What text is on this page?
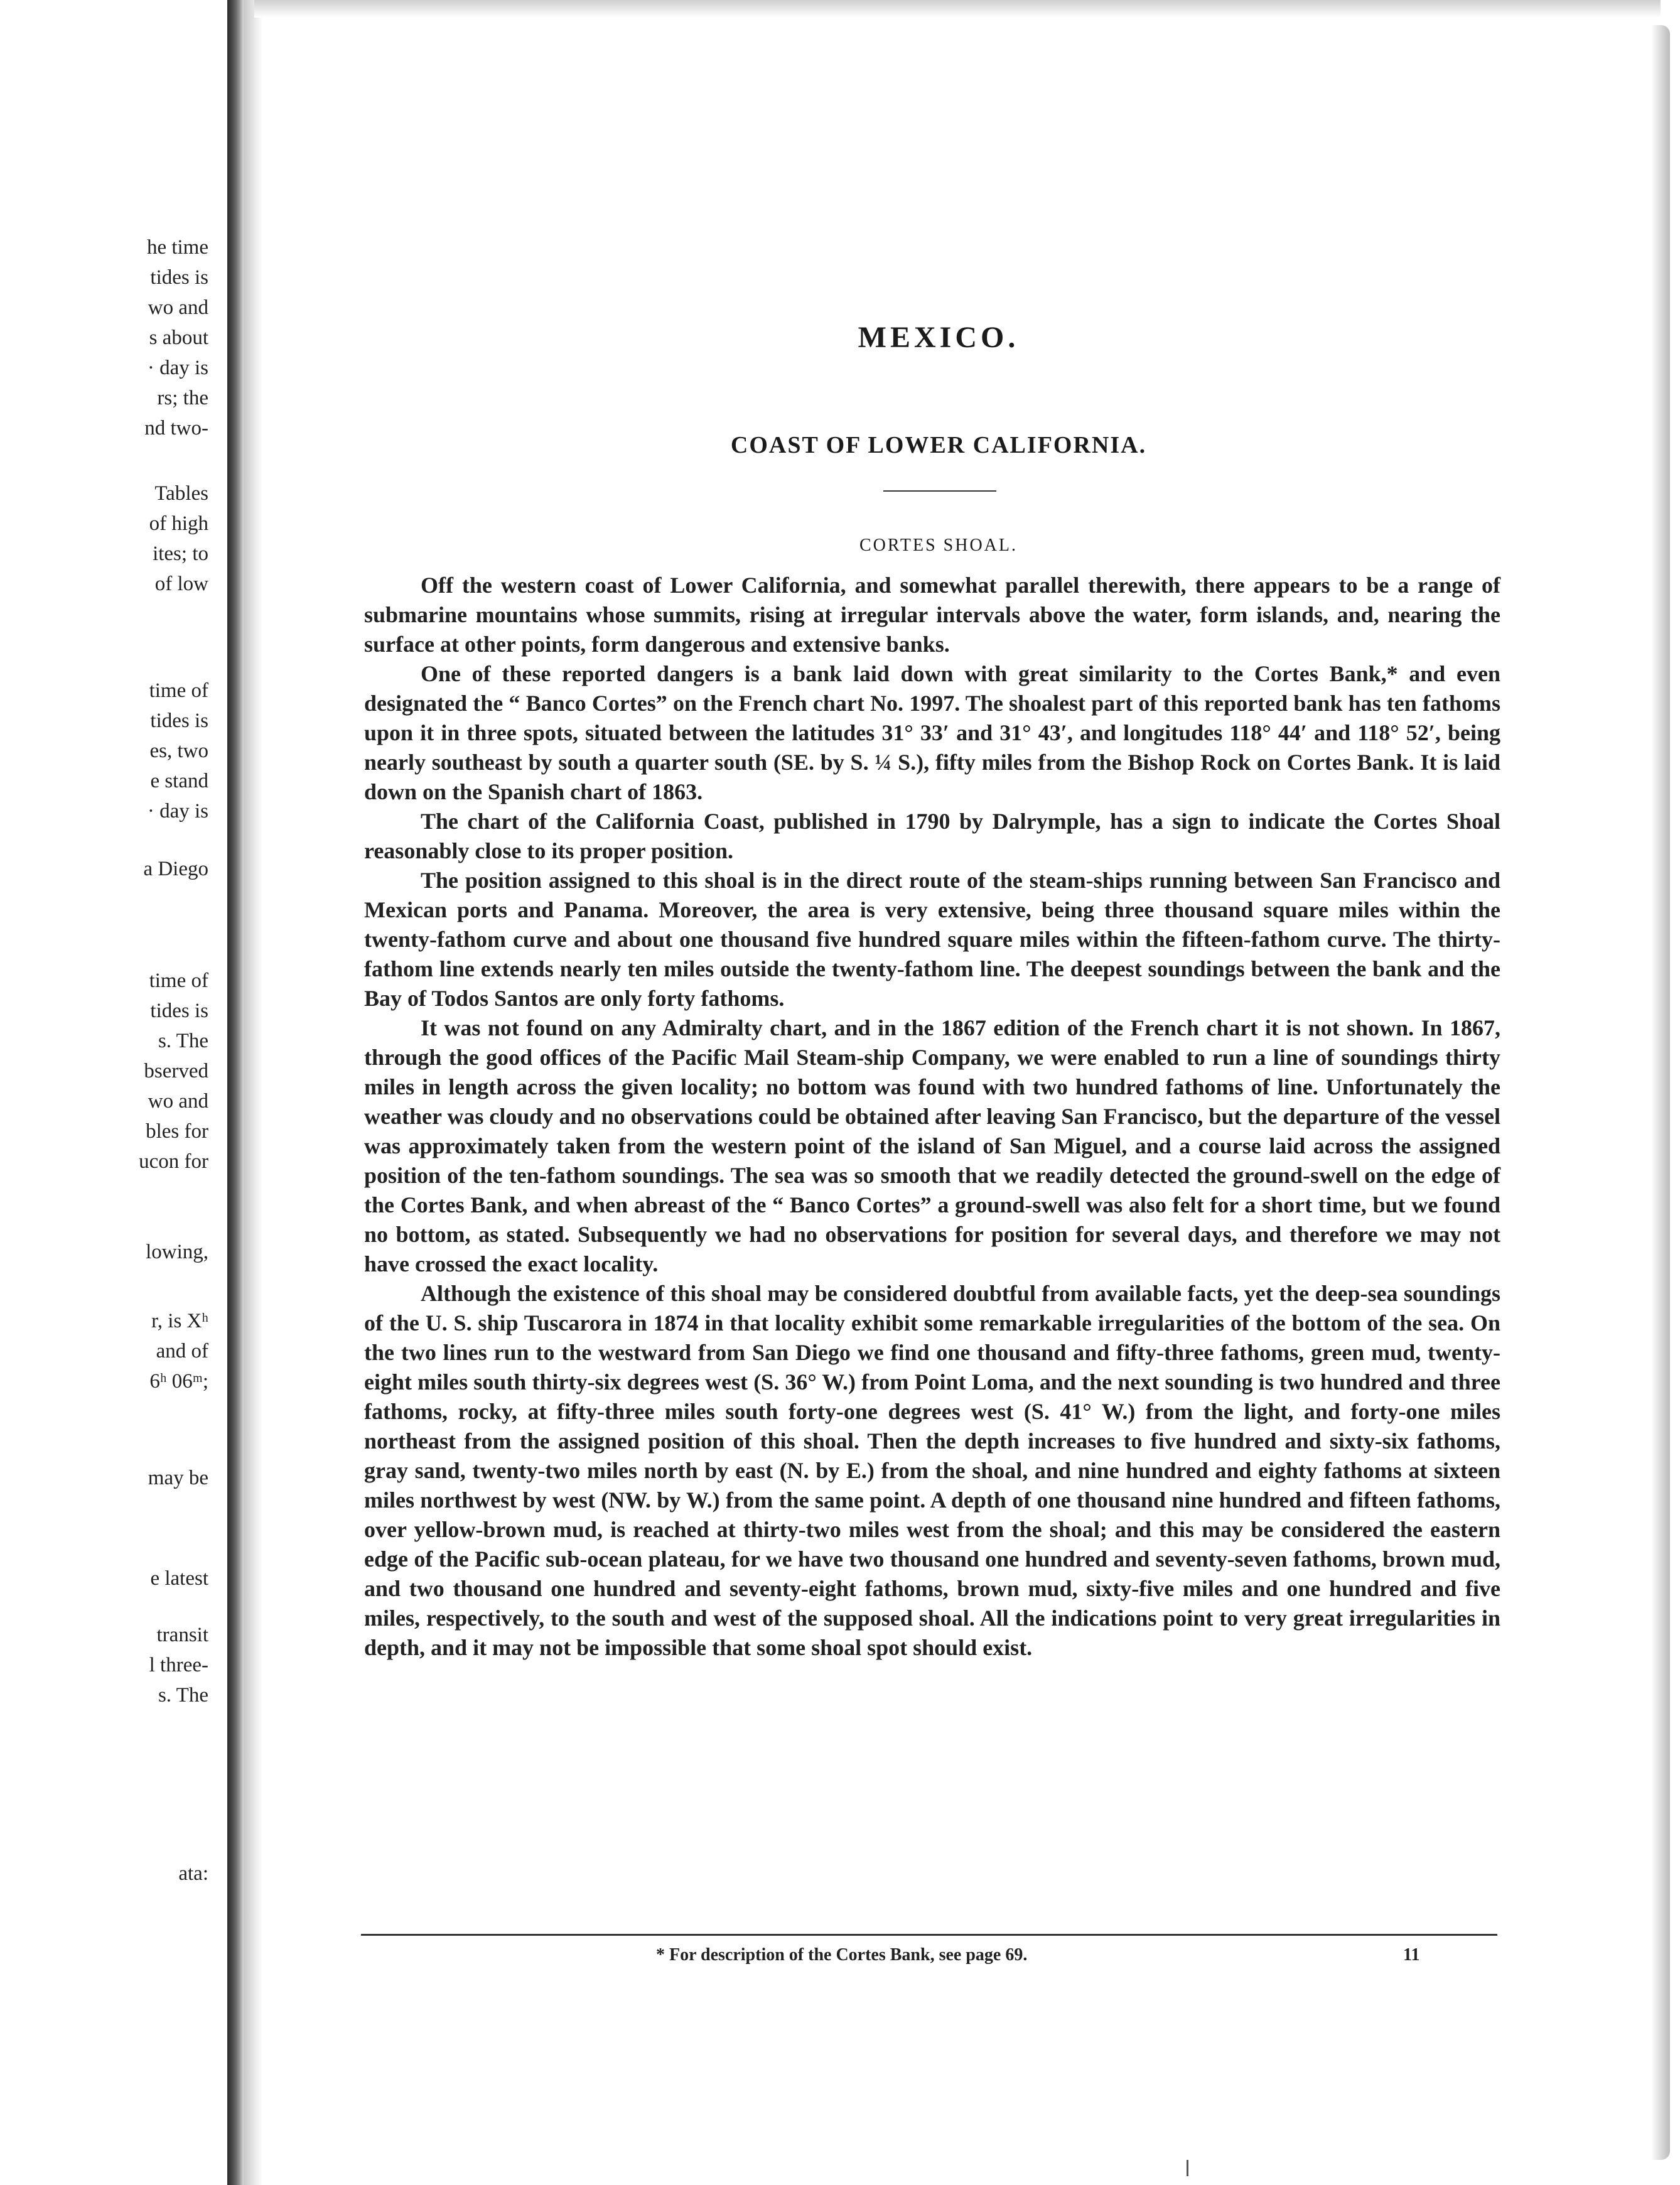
he time
tides is
wo and
s about
· day is
rs; the
nd two-
Tables
of high
ites; to
of low
time of
tides is
es, two
e stand
· day is
a Diego
time of
tides is
s. The
bserved
wo and
bles for
ucon for
lowing,
r, is Xʰ
and of
6ʰ 06ᵐ;
may be
e latest
transit
l three-
s. The
ata:
MEXICO.
COAST OF LOWER CALIFORNIA.
CORTES SHOAL.

Off the western coast of Lower California, and somewhat parallel therewith, there appears to be a range of submarine mountains whose summits, rising at irregular intervals above the water, form islands, and, nearing the surface at other points, form dangerous and extensive banks.

One of these reported dangers is a bank laid down with great similarity to the Cortes Bank,* and even designated the “ Banco Cortes” on the French chart No. 1997. The shoalest part of this reported bank has ten fathoms upon it in three spots, situated between the latitudes 31° 33′ and 31° 43′, and longitudes 118° 44′ and 118° 52′, being nearly southeast by south a quarter south (SE. by S. ¼ S.), fifty miles from the Bishop Rock on Cortes Bank. It is laid down on the Spanish chart of 1863.

The chart of the California Coast, published in 1790 by Dalrymple, has a sign to indicate the Cortes Shoal reasonably close to its proper position.

The position assigned to this shoal is in the direct route of the steam-ships running between San Francisco and Mexican ports and Panama. Moreover, the area is very extensive, being three thousand square miles within the twenty-fathom curve and about one thousand five hundred square miles within the fifteen-fathom curve. The thirty-fathom line extends nearly ten miles outside the twenty-fathom line. The deepest soundings between the bank and the Bay of Todos Santos are only forty fathoms.

It was not found on any Admiralty chart, and in the 1867 edition of the French chart it is not shown. In 1867, through the good offices of the Pacific Mail Steam-ship Company, we were enabled to run a line of soundings thirty miles in length across the given locality; no bottom was found with two hundred fathoms of line. Unfortunately the weather was cloudy and no observations could be obtained after leaving San Francisco, but the departure of the vessel was approximately taken from the western point of the island of San Miguel, and a course laid across the assigned position of the ten-fathom soundings. The sea was so smooth that we readily detected the ground-swell on the edge of the Cortes Bank, and when abreast of the “ Banco Cortes” a ground-swell was also felt for a short time, but we found no bottom, as stated. Subsequently we had no observations for position for several days, and therefore we may not have crossed the exact locality.

Although the existence of this shoal may be considered doubtful from available facts, yet the deep-sea soundings of the U. S. ship Tuscarora in 1874 in that locality exhibit some remarkable irregularities of the bottom of the sea. On the two lines run to the westward from San Diego we find one thousand and fifty-three fathoms, green mud, twenty-eight miles south thirty-six degrees west (S. 36° W.) from Point Loma, and the next sounding is two hundred and three fathoms, rocky, at fifty-three miles south forty-one degrees west (S. 41° W.) from the light, and forty-one miles northeast from the assigned position of this shoal. Then the depth increases to five hundred and sixty-six fathoms, gray sand, twenty-two miles north by east (N. by E.) from the shoal, and nine hundred and eighty fathoms at sixteen miles northwest by west (NW. by W.) from the same point. A depth of one thousand nine hundred and fifteen fathoms, over yellow-brown mud, is reached at thirty-two miles west from the shoal; and this may be considered the eastern edge of the Pacific sub-ocean plateau, for we have two thousand one hundred and seventy-seven fathoms, brown mud, and two thousand one hundred and seventy-eight fathoms, brown mud, sixty-five miles and one hundred and five miles, respectively, to the south and west of the supposed shoal. All the indications point to very great irregularities in depth, and it may not be impossible that some shoal spot should exist.

* For description of the Cortes Bank, see page 69.	11
